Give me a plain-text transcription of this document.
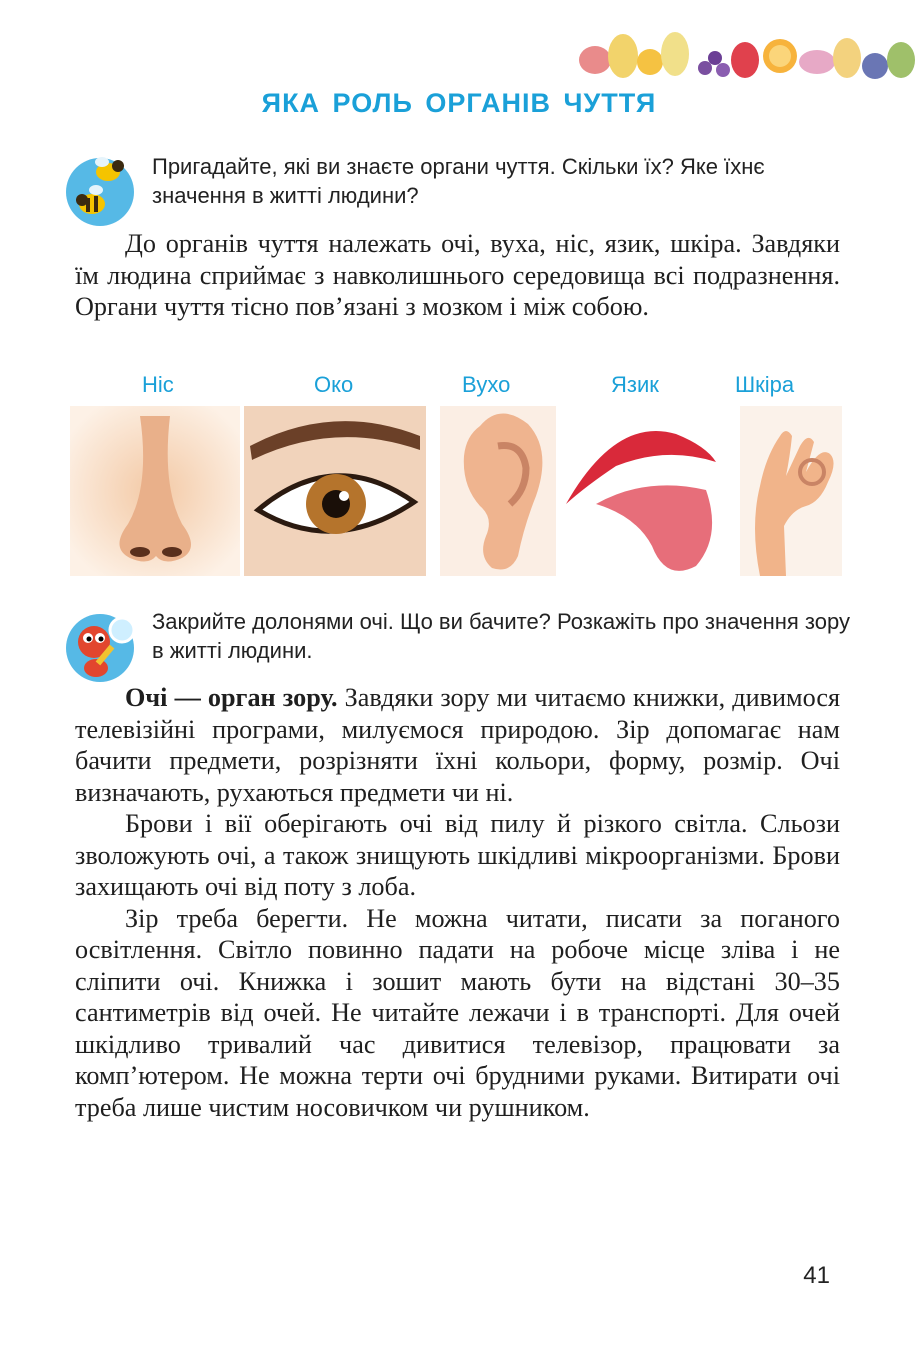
ЯКА РОЛЬ ОРГАНІВ ЧУТТЯ
Пригадайте, які ви знаєте органи чуття. Скільки їх? Яке їхнє значення в житті людини?

До органів чуття належать очі, вуха, ніс, язик, шкіра. Завдяки їм людина сприймає з навколишнього середовища всі подразнення. Органи чуття тісно пов’язані з мозком і між собою.

Ніс	Око	Вухо	Язик	Шкіра
Закрийте долонями очі. Що ви бачите? Розкажіть про значення зору в житті людини.

Очі — орган зору. Завдяки зору ми читаємо книжки, дивимося телевізійні програми, милуємося природою. Зір допомагає нам бачити предмети, розрізняти їхні кольори, форму, розмір. Очі визначають, рухаються предмети чи ні.

Брови і вії оберігають очі від пилу й різкого світла. Сльози зволожують очі, а також знищують шкідливі мікроорганізми. Брови захищають очі від поту з лоба.

Зір треба берегти. Не можна читати, писати за поганого освітлення. Світло повинно падати на робоче місце зліва і не сліпити очі. Книжка і зошит мають бути на відстані 30–35 сантиметрів від очей. Не читайте лежачи і в транспорті. Для очей шкідливо тривалий час дивитися телевізор, працювати за комп’ютером. Не можна терти очі брудними руками. Витирати очі треба лише чистим носовичком чи рушником.

41
